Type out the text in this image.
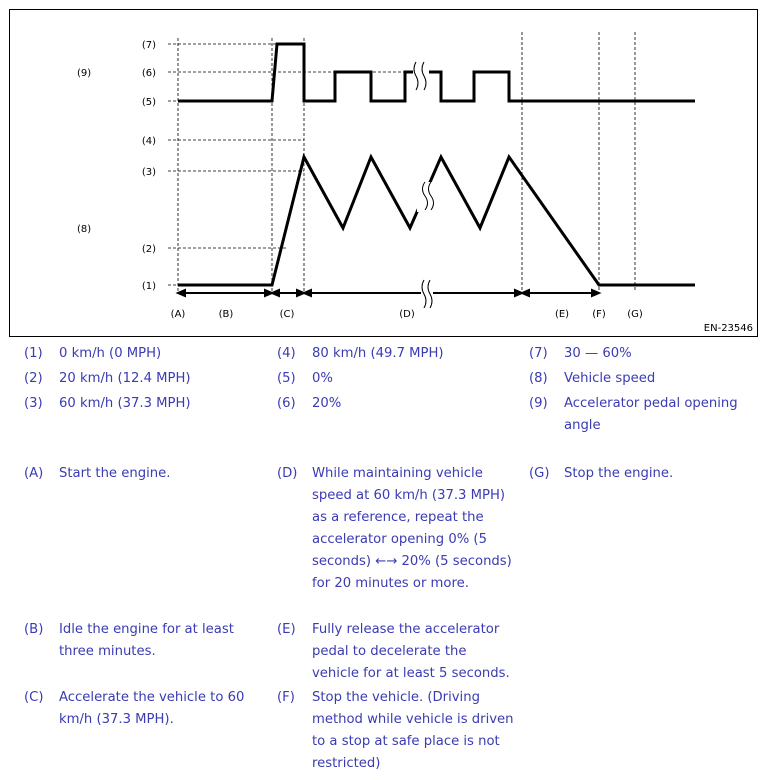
(7)
(6)
(5)
(4)
(3)
(2)
(1)
(9)
(8)
(A)	(B)	(C)	(D)	(E) (F) (G)
EN-23546
(1) 0 km/h (0 MPH)
(2) 20 km/h (12.4 MPH)
(3) 60 km/h (37.3 MPH)
(4) 80 km/h (49.7 MPH)
(5) 0%
(6) 20%
(7) 30 — 60%
(8) Vehicle speed
(9) Accelerator pedal opening angle
(A) Start the engine.	(D) While maintaining vehicle speed at 60 km/h (37.3 MPH) as a reference, repeat the accelerator opening 0% (5 seconds) ←→ 20% (5 seconds) for 20 minutes or more.
(G) Stop the engine.
(B) Idle the engine for at least three minutes.
(E) Fully release the accelerator pedal to decelerate the vehicle for at least 5 seconds.
(C) Accelerate the vehicle to 60 km/h (37.3 MPH).
(F) Stop the vehicle. (Driving method while vehicle is driven to a stop at safe place is not restricted)
